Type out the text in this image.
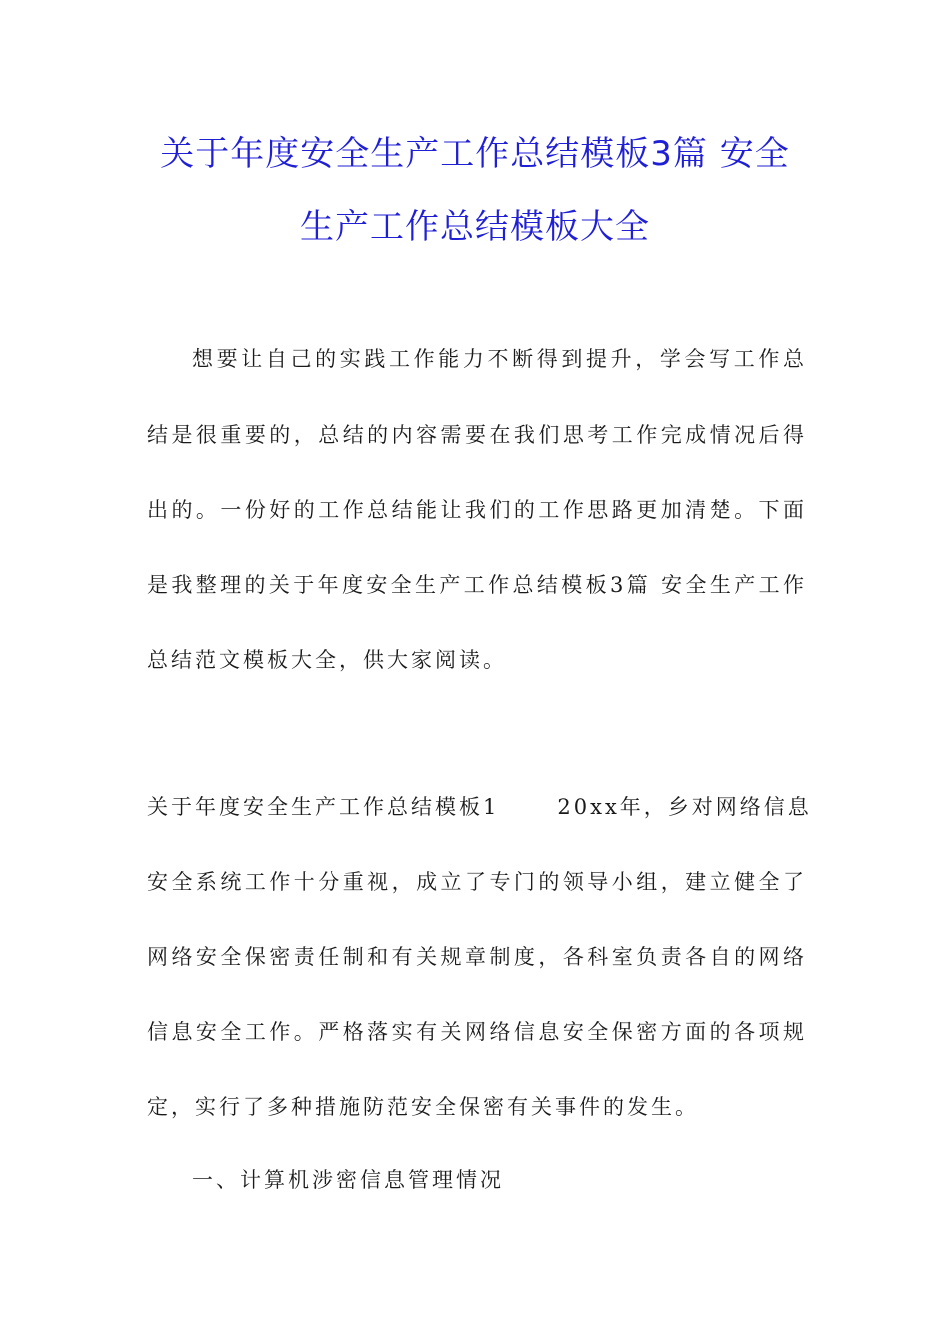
关于年度安全生产工作总结模板3篇 安全
生产工作总结模板大全
想要让自己的实践工作能力不断得到提升，学会写工作总
结是很重要的，总结的内容需要在我们思考工作完成情况后得
出的。一份好的工作总结能让我们的工作思路更加清楚。下面
是我整理的关于年度安全生产工作总结模板3篇 安全生产工作
总结范文模板大全，供大家阅读。
关于年度安全生产工作总结模板1	20xx年，乡对网络信息
安全系统工作十分重视，成立了专门的领导小组，建立健全了
网络安全保密责任制和有关规章制度，各科室负责各自的网络
信息安全工作。严格落实有关网络信息安全保密方面的各项规
定，实行了多种措施防范安全保密有关事件的发生。
一、计算机涉密信息管理情况
